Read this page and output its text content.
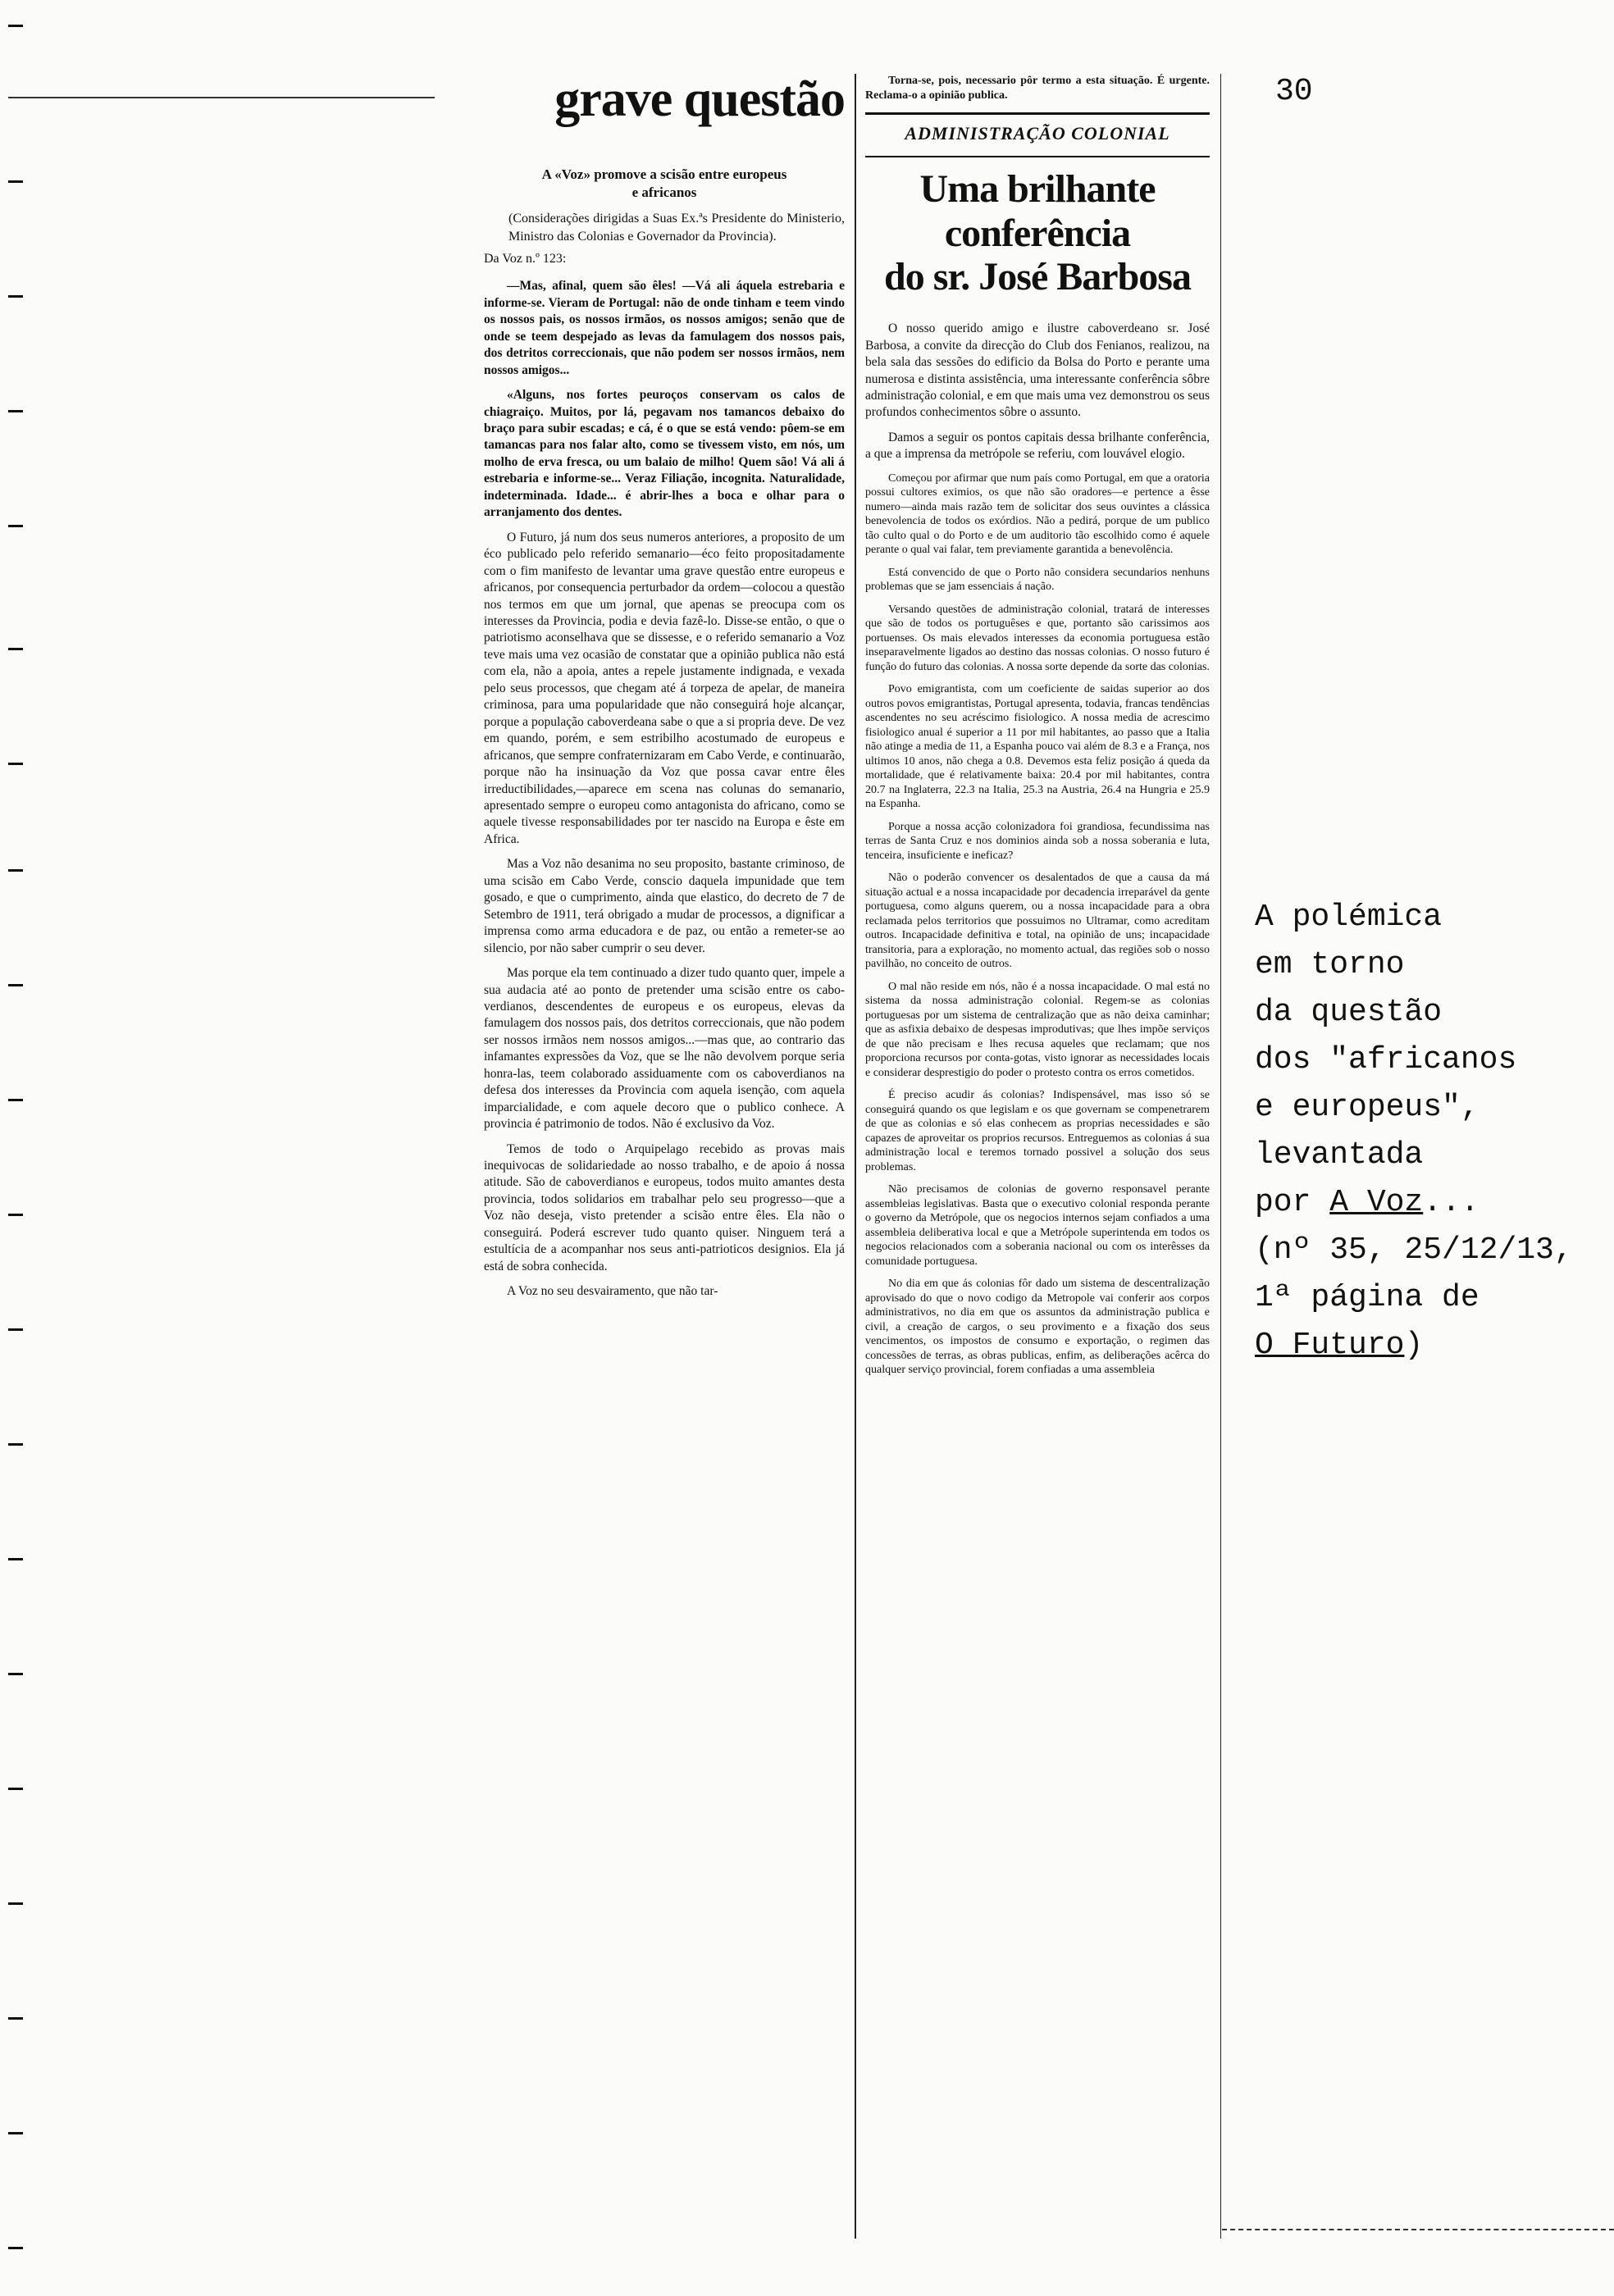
30
grave questão
A «Voz» promove a scisão entre europeus
e africanos

(Considerações dirigidas a Suas Ex.ªs Presidente do Ministerio, Ministro das Colonias e Governador da Provincia).

Da Voz n.º 123:

—Mas, afinal, quem são êles! —Vá ali áquela estrebaria e informe-se. Vieram de Portugal: não de onde tinham e teem vindo os nossos pais, os nossos irmãos, os nossos amigos; senão que de onde se teem despejado as levas da famulagem dos nossos pais, dos detritos correccionais, que não podem ser nossos irmãos, nem nossos amigos...

«Alguns, nos fortes peuroços conservam os calos de chiagraiço. Muitos, por lá, pegavam nos tamancos debaixo do braço para subir escadas; e cá, é o que se está vendo: pôem-se em tamancas para nos falar alto, como se tivessem visto, em nós, um molho de erva fresca, ou um balaio de milho! Quem são! Vá ali á estrebaria e informe-se... Veraz Filiação, incognita. Naturalidade, indeterminada. Idade... é abrir-lhes a boca e olhar para o arranjamento dos dentes.

O Futuro, já num dos seus numeros anteriores, a proposito de um éco publicado pelo referido semanario—éco feito propositadamente com o fim manifesto de levantar uma grave questão entre europeus e africanos, por consequencia perturbador da ordem—colocou a questão nos termos em que um jornal, que apenas se preocupa com os interesses da Provincia, podia e devia fazê-lo. Disse-se então, o que o patriotismo aconselhava que se dissesse, e o referido semanario a Voz teve mais uma vez ocasião de constatar que a opinião publica não está com ela, não a apoia, antes a repele justamente indignada, e vexada pelo seus processos, que chegam até á torpeza de apelar, de maneira criminosa, para uma popularidade que não conseguirá hoje alcançar, porque a população caboverdeana sabe o que a si propria deve. De vez em quando, porém, e sem estribilho acostumado de europeus e africanos, que sempre confraternizaram em Cabo Verde, e continuarão, porque não ha insinuação da Voz que possa cavar entre êles irreductibilidades,—aparece em scena nas colunas do semanario, apresentado sempre o europeu como antagonista do africano, como se aquele tivesse responsabilidades por ter nascido na Europa e êste em Africa.

Mas a Voz não desanima no seu proposito, bastante criminoso, de uma scisão em Cabo Verde, conscio daquela impunidade que tem gosado, e que o cumprimento, ainda que elastico, do decreto de 7 de Setembro de 1911, terá obrigado a mudar de processos, a dignificar a imprensa como arma educadora e de paz, ou então a remeter-se ao silencio, por não saber cumprir o seu dever.

Mas porque ela tem continuado a dizer tudo quanto quer, impele a sua audacia até ao ponto de pretender uma scisão entre os cabo-verdianos, descendentes de europeus e os europeus, elevas da famulagem dos nossos pais, dos detritos correccionais, que não podem ser nossos irmãos nem nossos amigos...—mas que, ao contrario das infamantes expressões da Voz, que se lhe não devolvem porque seria honra-las, teem colaborado assiduamente com os caboverdianos na defesa dos interesses da Provincia com aquela isenção, com aquela imparcialidade, e com aquele decoro que o publico conhece. A provincia é patrimonio de todos. Não é exclusivo da Voz.

Temos de todo o Arquipelago recebido as provas mais inequivocas de solidariedade ao nosso trabalho, e de apoio á nossa atitude. São de caboverdianos e europeus, todos muito amantes desta provincia, todos solidarios em trabalhar pelo seu progresso—que a Voz não deseja, visto pretender a scisão entre êles. Ela não o conseguirá. Poderá escrever tudo quanto quiser. Ninguem terá a estultícia de a acompanhar nos seus anti-patrioticos designios. Ela já está de sobra conhecida.

A Voz no seu desvairamento, que não tar-

Torna-se, pois, necessario pôr termo a esta situação. É urgente. Reclama-o a opinião publica.

ADMINISTRAÇÃO COLONIAL
Uma brilhante conferência
do sr. José Barbosa

O nosso querido amigo e ilustre caboverdeano sr. José Barbosa, a convite da direcção do Club dos Fenianos, realizou, na bela sala das sessões do edificio da Bolsa do Porto e perante uma numerosa e distinta assistência, uma interessante conferência sôbre administração colonial, e em que mais uma vez demonstrou os seus profundos conhecimentos sôbre o assunto.

Damos a seguir os pontos capitais dessa brilhante conferência, a que a imprensa da metrópole se referiu, com louvável elogio.

Começou por afirmar que num país como Portugal, em que a oratoria possui cultores eximios, os que não são oradores—e pertence a êsse numero—ainda mais razão tem de solicitar dos seus ouvintes a clássica benevolencia de todos os exórdios. Não a pedirá, porque de um publico tão culto qual o do Porto e de um auditorio tão escolhido como é aquele perante o qual vai falar, tem previamente garantida a benevolência.

Está convencido de que o Porto não considera secundarios nenhuns problemas que se jam essenciais á nação.

Versando questões de administração colonial, tratará de interesses que são de todos os portuguêses e que, portanto são carissimos aos portuenses. Os mais elevados interesses da economia portuguesa estão inseparavelmente ligados ao destino das nossas colonias. O nosso futuro é função do futuro das colonias. A nossa sorte depende da sorte das colonias.

Povo emigrantista, com um coeficiente de saidas superior ao dos outros povos emigrantistas, Portugal apresenta, todavia, francas tendências ascendentes no seu acréscimo fisiologico. A nossa media de acrescimo fisiologico anual é superior a 11 por mil habitantes, ao passo que a Italia não atinge a media de 11, a Espanha pouco vai além de 8.3 e a França, nos ultimos 10 anos, não chega a 0.8. Devemos esta feliz posição á queda da mortalidade, que é relativamente baixa: 20.4 por mil habitantes, contra 20.7 na Inglaterra, 22.3 na Italia, 25.3 na Austria, 26.4 na Hungria e 25.9 na Espanha.

Porque a nossa acção colonizadora foi grandiosa, fecundissima nas terras de Santa Cruz e nos dominios ainda sob a nossa soberania e luta, tenceira, insuficiente e ineficaz?

Não o poderão convencer os desalentados de que a causa da má situação actual e a nossa incapacidade por decadencia irreparável da gente portuguesa, como alguns querem, ou a nossa incapacidade para a obra reclamada pelos territorios que possuimos no Ultramar, como acreditam outros. Incapacidade definitiva e total, na opinião de uns; incapacidade transitoria, para a exploração, no momento actual, das regiões sob o nosso pavilhão, no conceito de outros.

O mal não reside em nós, não é a nossa incapacidade. O mal está no sistema da nossa administração colonial. Regem-se as colonias portuguesas por um sistema de centralização que as não deixa caminhar; que as asfixia debaixo de despesas improdutivas; que lhes impõe serviços de que não precisam e lhes recusa aqueles que reclamam; que nos proporciona recursos por conta-gotas, visto ignorar as necessidades locais e considerar desprestigio do poder o protesto contra os erros cometidos.

É preciso acudir ás colonias? Indispensável, mas isso só se conseguirá quando os que legislam e os que governam se compenetrarem de que as colonias e só elas conhecem as proprias necessidades e são capazes de aproveitar os proprios recursos. Entreguemos as colonias á sua administração local e teremos tornado possivel a solução dos seus problemas.

Não precisamos de colonias de governo responsavel perante assembleias legislativas. Basta que o executivo colonial responda perante o governo da Metrópole, que os negocios internos sejam confiados a uma assembleia deliberativa local e que a Metrópole superintenda em todos os negocios relacionados com a soberania nacional ou com os interêsses da comunidade portuguesa.

No dia em que ás colonias fôr dado um sistema de descentralização aprovisado do que o novo codigo da Metropole vai conferir aos corpos administrativos, no dia em que os assuntos da administração publica e civil, a creação de cargos, o seu provimento e a fixação dos seus vencimentos, os impostos de consumo e exportação, o regimen das concessões de terras, as obras publicas, enfim, as deliberações acêrca do qualquer serviço provincial, forem confiadas a uma assembleia

A polémica
em torno
da questão
dos "africanos
e europeus",
levantada
por A Voz...
(nº 35, 25/12/13,
1ª página de
O Futuro)
